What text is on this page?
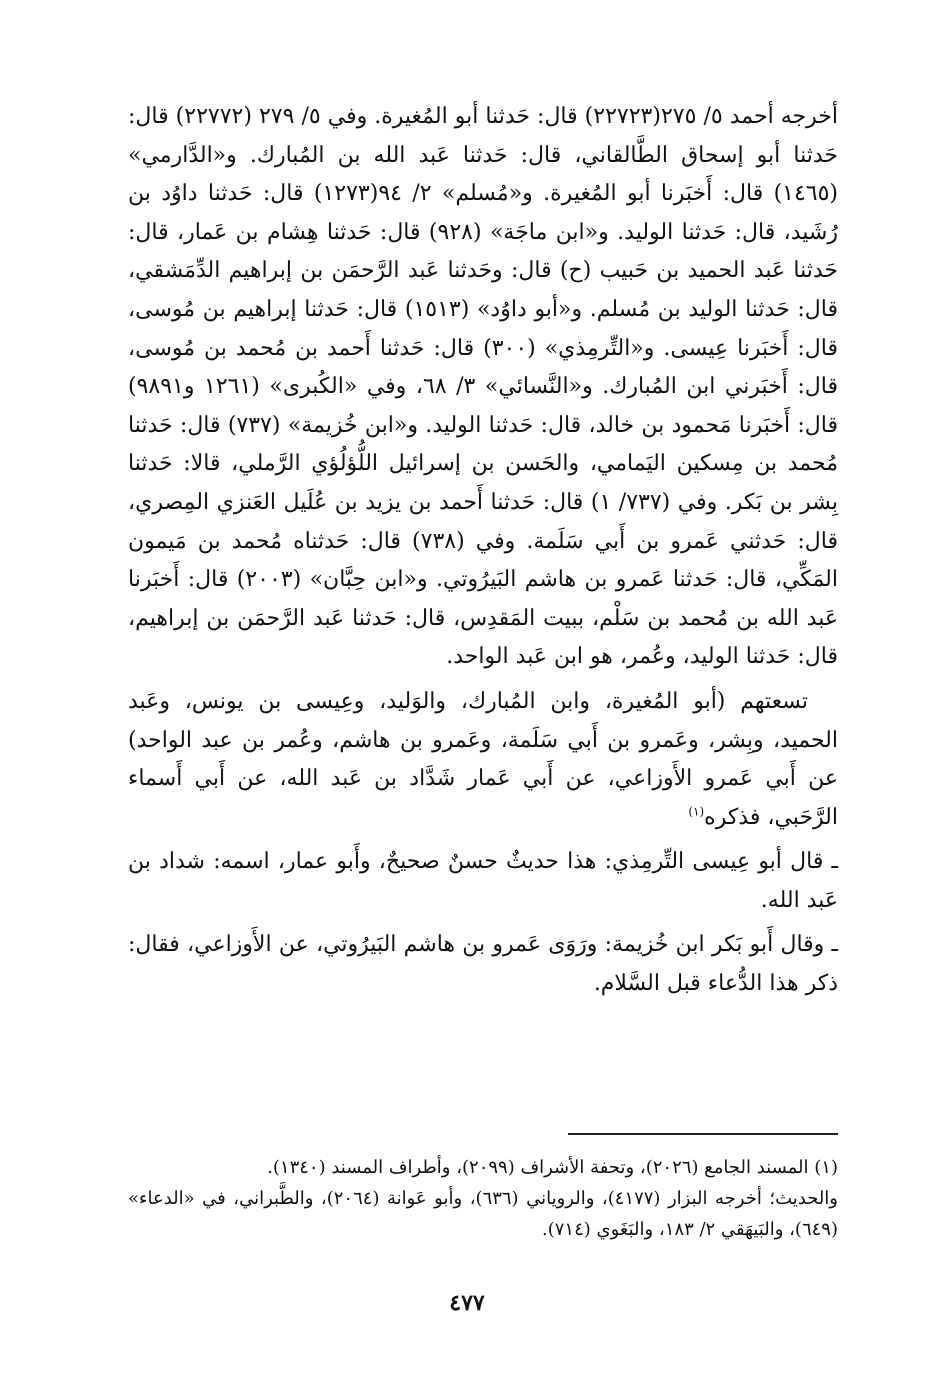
أخرجه أحمد ٥/ ٢٧٥(٢٢٧٢٣) قال: حَدثنا أبو المُغيرة. وفي ٥/ ٢٧٩ (٢٢٧٧٢) قال: حَدثنا أبو إسحاق الطَّالقاني، قال: حَدثنا عَبد الله بن المُبارك. و«الدَّارمي» (١٤٦٥) قال: أَخبَرنا أبو المُغيرة. و«مُسلم» ٢/ ٩٤(١٢٧٣) قال: حَدثنا داوُد بن رُشَيد، قال: حَدثنا الوليد. و«ابن ماجَة» (٩٢٨) قال: حَدثنا هِشام بن عَمار، قال: حَدثنا عَبد الحميد بن حَبيب (ح) قال: وحَدثنا عَبد الرَّحمَن بن إبراهيم الدِّمَشقي، قال: حَدثنا الوليد بن مُسلم. و«أبو داوُد» (١٥١٣) قال: حَدثنا إبراهيم بن مُوسى، قال: أَخبَرنا عِيسى. و«التِّرمِذي» (٣٠٠) قال: حَدثنا أَحمد بن مُحمد بن مُوسى، قال: أَخبَرني ابن المُبارك. و«النَّسائي» ٣/ ٦٨، وفي «الكُبرى» (١٢٦١ و٩٨٩١) قال: أَخبَرنا مَحمود بن خالد، قال: حَدثنا الوليد. و«ابن خُزيمة» (٧٣٧) قال: حَدثنا مُحمد بن مِسكين اليَمامي، والحَسن بن إسرائيل اللُّؤلُؤي الرَّملي، قالا: حَدثنا بِشر بن بَكر. وفي (٧٣٧/ ١) قال: حَدثنا أَحمد بن يزيد بن عُلَيل العَنزي المِصري، قال: حَدثني عَمرو بن أَبي سَلَمة. وفي (٧٣٨) قال: حَدثناه مُحمد بن مَيمون المَكِّي، قال: حَدثنا عَمرو بن هاشم البَيرُوتي. و«ابن حِبَّان» (٢٠٠٣) قال: أَخبَرنا عَبد الله بن مُحمد بن سَلْم، ببيت المَقدِس، قال: حَدثنا عَبد الرَّحمَن بن إبراهيم، قال: حَدثنا الوليد، وعُمر، هو ابن عَبد الواحد.

تسعتهم (أبو المُغيرة، وابن المُبارك، والوَليد، وعِيسى بن يونس، وعَبد الحميد، وبِشر، وعَمرو بن أَبي سَلَمة، وعَمرو بن هاشم، وعُمر بن عبد الواحد) عن أَبي عَمرو الأَوزاعي، عن أَبي عَمار شَدَّاد بن عَبد الله، عن أَبي أَسماء الرَّحَبي، فذكره$^{(١)}$

ـ قال أبو عِيسى التِّرمِذي: هذا حديثٌ حسنٌ صحيحٌ، وأَبو عمار، اسمه: شداد بن عَبد الله.

ـ وقال أَبو بَكر ابن خُزيمة: ورَوَى عَمرو بن هاشم البَيرُوتي، عن الأَوزاعي، فقال: ذكر هذا الدُّعاء قبل السَّلام.

(١) المسند الجامع (٢٠٢٦)، وتحفة الأشراف (٢٠٩٩)، وأطراف المسند (١٣٤٠).

والحديث؛ أخرجه البزار (٤١٧٧)، والروياني (٦٣٦)، وأبو عَوانة (٢٠٦٤)، والطَّبراني، في «الدعاء» (٦٤٩)، والبَيهَقي ٢/ ١٨٣، والبَغَوي (٧١٤).

٤٧٧
